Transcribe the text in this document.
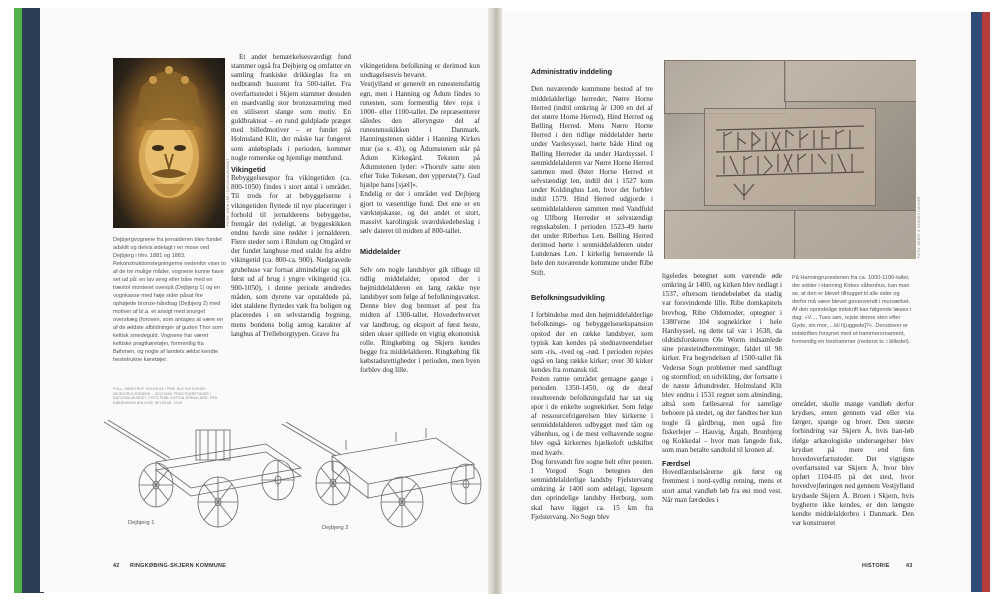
FOTO: JOHN LEE / NATIONALMUSEET
Dejbjergvognene fra jernalderen blev fundet adskilt og delvis ødelagt i en mose ved Dejbjerg i hhv. 1881 og 1883. Rekonstruktionstegningerne nedenfor viser to af de tre mulige måder, vognene kunne have set ud på: en lav sevg eller båre med en træstol monteret ovenpå (Dejbjerg 1) og en vognkasse med høje sider påsat fire ophøjede bronze-håndtag (Dejbjerg 2) med motiver af bl.a. et ansigt med snurget overskæg (foroven, som antages at være en af de ældste afbildninger af guden Thor som keltisk smedeguld. Vognene har været keltiske pragtkøretøjer, formentlig fra Bøhmen, og nogle af landets ældst kendte hestetrukne køretøjer.
FOLL: ARNSTRUP HOHLEGA / FREI OLE SCHOVHED DEJBJERGVOGNENE – KELTISKE PRAGTKØRETØJER / NATIONALMUSEET, FOTO PUBLICATION JERNALDER, FRA KØBENHAVN BOLIGGE SELSKAB, 2010

Et andet bemærkelsesværdigt fund stammer også fra Dejbjerg og omfatter en samling frankiske drikkeglas fra en nedbrændt hustomt fra 500-tallet. Fra overfartsstedet i Skjern stammer desuden en usædvanlig stor bronzearmring med en stiliseret slange som motiv. En guldbrakteat – en rund guldplade præget med billedmotiver – er fundet på Holmsland Klit, der måske har fungeret som anløbsplads i perioden, kommer nogle romerske og hjemlige møntfund.

Vikingetid

Bebyggelsesspor fra vikingetiden (ca. 800-1050) findes i stort antal i området. Til trods for at bebyggelserne i vikingetiden flyttede til nye placeringer i forhold til jernalderens bebyggelse, fremgår det tydeligt, at byggeskikken endnu havde sine rødder i jernalderen. Flere steder som i Rindum og Omgård er der fundet langhuse med stalde fra ældre vikingetid (ca. 800-ca. 900). Nedgravede grubehuse var fortsat almindelige og gik først ud af brug i yngre vikingetid (ca. 900-1050), i denne periode ændredes måden, som dyrene var opstaldede på, idet staldene flyttedes væk fra boligen og placeredes i en selvstændig bygning, mens bondens bolig antog karakter af langhus af Trelleborgtypen. Grave fra

vikingetidens befolkning er derimod kun undtagelsesvis bevaret.
Vestjylland er generelt en runestensfattig egn, men i Hanning og Ådum findes to runesten, som formentlig blev rejst i 1000- eller 1100-tallet. De repræsenterer således den alleryngste del af runestensskikken i Danmark. Hanningstenen sidder i Hanning Kirkes mur (se s. 43), og Ådumstenen står på Ådum Kirkegård. Teksten på Ådumstenen lyder: »Thorulv satte sten efter Toke Tokesøn, den ypperste(?). Gud hjælpe hans [sjæl]«.
Endelig er der i området ved Dejbjerg gjort to væsentlige fund. Det ene er en værktøjskasse, og det andet et stort, massivt karolingisk sværdskedebeslag i sølv dateret til midten af 800-tallet.

Middelalder

Selv om nogle landsbyer gik tilbage til tidlig middelalder, opstod der i højmiddelalderen en lang række nye landsbyer som følge af befolkningsvækst. Denne blev dog bremset af pest fra midten af 1300-tallet. Hovederhvervet var landbrug, og eksport af først heste, siden okser spillede en vigtig økonomisk rolle. Ringkøbing og Skjern kendes begge fra middelalderen. Ringkøbing fik købstadsrettigheder i perioden, men byen forblev dog lille.

Dejbjerg 1
Dejbjerg 2
42 RINGKØBING-SKJERN KOMMUNE

Administrativ inddeling

Den nuværende kommune bestod af tre middelalderlige herreder, Nørre Horne Herred (indtil omkring år 1300 en del af det større Horne Herred), Hind Herred og Bølling Herred. Mens Nørre Horne Herred i den tidlige middelalder hørte under Vardesyssel, hørte både Hind og Bølling Herreder da under Hardsyssel. I senmiddelalderen var Nørre Horne Herred sammen med Øster Horne Herred et selvstændigt len, indtil det i 1527 kom under Koldinghus Len, hvor det forblev indtil 1579. Hind Herred udgjorde i senmiddelalderen sammen med Vandfuld og Ulfborg Herreder et selvstændigt regnskabslen. I perioden 1523-49 hørte det under Riberhus Len. Bølling Herred derimod hørte i senmiddelalderen under Lundenæs Len. I kirkelig henseende lå hele den nuværende kommune under Ribe Stift.

Befolkningsudvikling

I forbindelse med den højmiddelalderlige befolknings- og bebyggelsesekspansion opstod der en række landsbyer, som typisk kan kendes på stednavneendelser som -ris, -tved og -rød. I perioden rejstes også en lang række kirker; over 30 kirker kendes fra romansk tid.
Pesten ramte området gentagne gange i perioden 1350-1450, og de deraf resulterende befolkningsfald har sat sig spor i de enkelte sognekirker. Som følge af ressourcefrigørelsen blev kirkerne i senmiddelalderen udbygget med tårn og våbenhus, og i de mest velhavende sogne blev også kirkernes bjælkeloft udskiftet med hvælv.
Dog forsvandt fire sogne helt efter pesten. I Vorgod Sogn betegnes den senmiddelalderlige landsby Fjelstervang omkring år 1400 som ødelagt, ligesom den oprindelige landsby Herborg, som skal have ligget ca. 15 km fra Fjelstervang. No Sogn blev

FOTO: GEERT & HANNES HANNER

ligeledes betegnet som værende øde omkring år 1400, og kirken blev nedlagt i 1537, eftersom tiendebeløbet da stadig var forsvindende lille. Ribe domkapitels brevbog, Ribe Oldemoder, optegner i 1380'erne 104 sognekirker i hele Hardsyssel, og dette tal var i 1638, da oldtidsforskeren Ole Worm indsamlede sine præsteindberetninger, faldet til 98 kirker. Fra begyndelsen af 1500-tallet fik Vedersø Sogn problemer med sandflugt og stormflod; en udvikling, der fortsatte i de næste århundreder. Holmsland Klit blev endnu i 1531 regnet som alminding, altså som fællesareal for samtlige beboere på stedet, og der fandtes her kun nogle få gårdbrug, men også fire fiskerlejer – Hauvig, Årgab, Brunbjerg og Kokkedal – hvor man fangede fisk, som man betalte sandtold til kronen af.

Færdsel

Hovedfærdselsårerne gik først og fremmest i nord-sydlig retning, mens et stort antal vandløb løb fra øst mod vest. Når man færdedes i

På Hanningrunestenen fra ca. 1000-1100-tallet, der sidder i Hanning Kirkes våbenhus, kan man se, at den er blevet tilhugget til alle sider og derfor må være blevet genanvendt i murværket. Af den oprindelige indskrift kan følgende læses i dag: »V..., Tues søn, rejste denne sten efter Gyde, sin mor, ...kil h[uggede]?«. Derudover er indskriften forsynet med et hammerornament, formentlig en torshammer (nederst tv. i billedet).

området, skulle mange vandløb derfor krydses, enten gennem vad eller via færger, spange og broer. Den største forhindring var Skjern Å, hvis han-løb ifølge arkæologiske undersøgelser blev krydset på mere end fem hovedoverfartssteder. Det vigtigste overfartssted var Skjern Å, hvor blev opført 1104-05 på det sted, hvor hovedvejføringen ned gennem Vestjylland krydsede Skjern Å. Broen i Skjern, hvis bygherre ikke kendes, er den længste kendte middelalderbro i Danmark. Den var konstrueret

HISTORIE	43
